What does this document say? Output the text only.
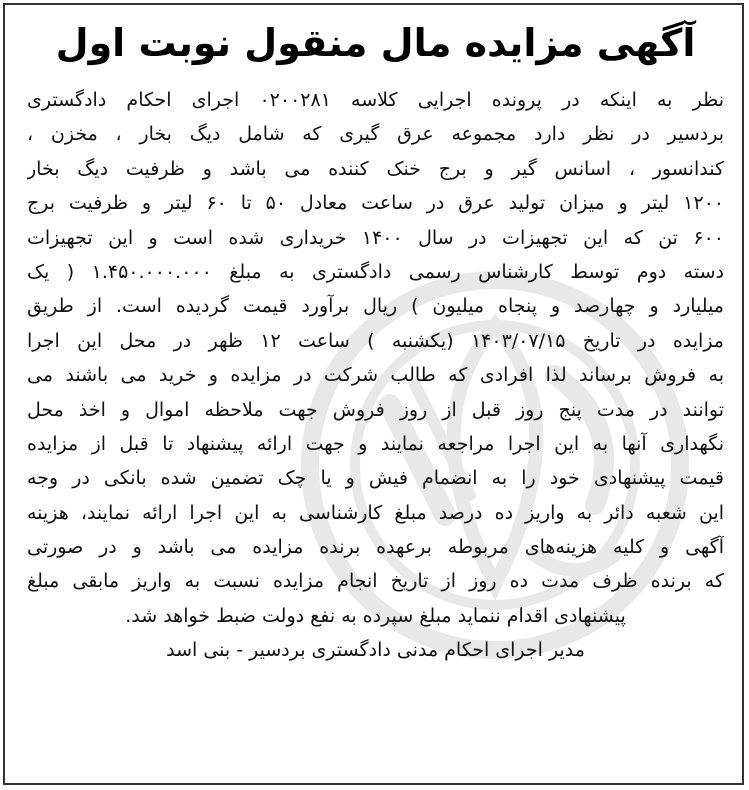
آگهی مزایده مال منقول نوبت اول
نظر به اینکه در پرونده اجرایی کلاسه ۰۲۰۰۲۸۱ اجرای احکام دادگستری
بردسیر در نظر دارد مجموعه عرق گیری که شامل دیگ بخار ، مخزن ،
کندانسور ، اسانس گیر و برج خنک کننده می باشد و ظرفیت دیگ بخار
۱۲۰۰ لیتر و میزان تولید عرق در ساعت معادل ۵۰ تا ۶۰ لیتر و ظرفیت برج
۶۰۰ تن که این تجهیزات در سال ۱۴۰۰ خریداری شده است و این تجهیزات
دسته دوم توسط کارشناس رسمی دادگستری به مبلغ ۱.۴۵۰.۰۰۰.۰۰۰ ( یک
میلیارد و چهارصد و پنجاه میلیون ) ریال برآورد قیمت گردیده است. از طریق
مزایده در تاریخ ۱۴۰۳/۰۷/۱۵ (یکشنبه ) ساعت ۱۲ ظهر در محل این اجرا
به فروش برساند لذا افرادی که طالب شرکت در مزایده و خرید می باشند می
توانند در مدت پنج روز قبل از روز فروش جهت ملاحظه اموال و اخذ محل
نگهداری آنها به این اجرا مراجعه نمایند و جهت ارائه پیشنهاد تا قبل از مزایده
قیمت پیشنهادی خود را به انضمام فیش و یا چک تضمین شده بانکی در وجه
این شعبه دائر به واریز ده درصد مبلغ کارشناسی به این اجرا ارائه نمایند، هزینه
آگهی و کلیه هزینه‌های مربوطه برعهده برنده مزایده می باشد و در صورتی
که برنده ظرف مدت ده روز از تاریخ انجام مزایده نسبت به واریز مابقی مبلغ
پیشنهادی اقدام ننماید مبلغ سپرده به نفع دولت ضبط خواهد شد.
مدیر اجرای احکام مدنی دادگستری بردسیر - بنی اسد
